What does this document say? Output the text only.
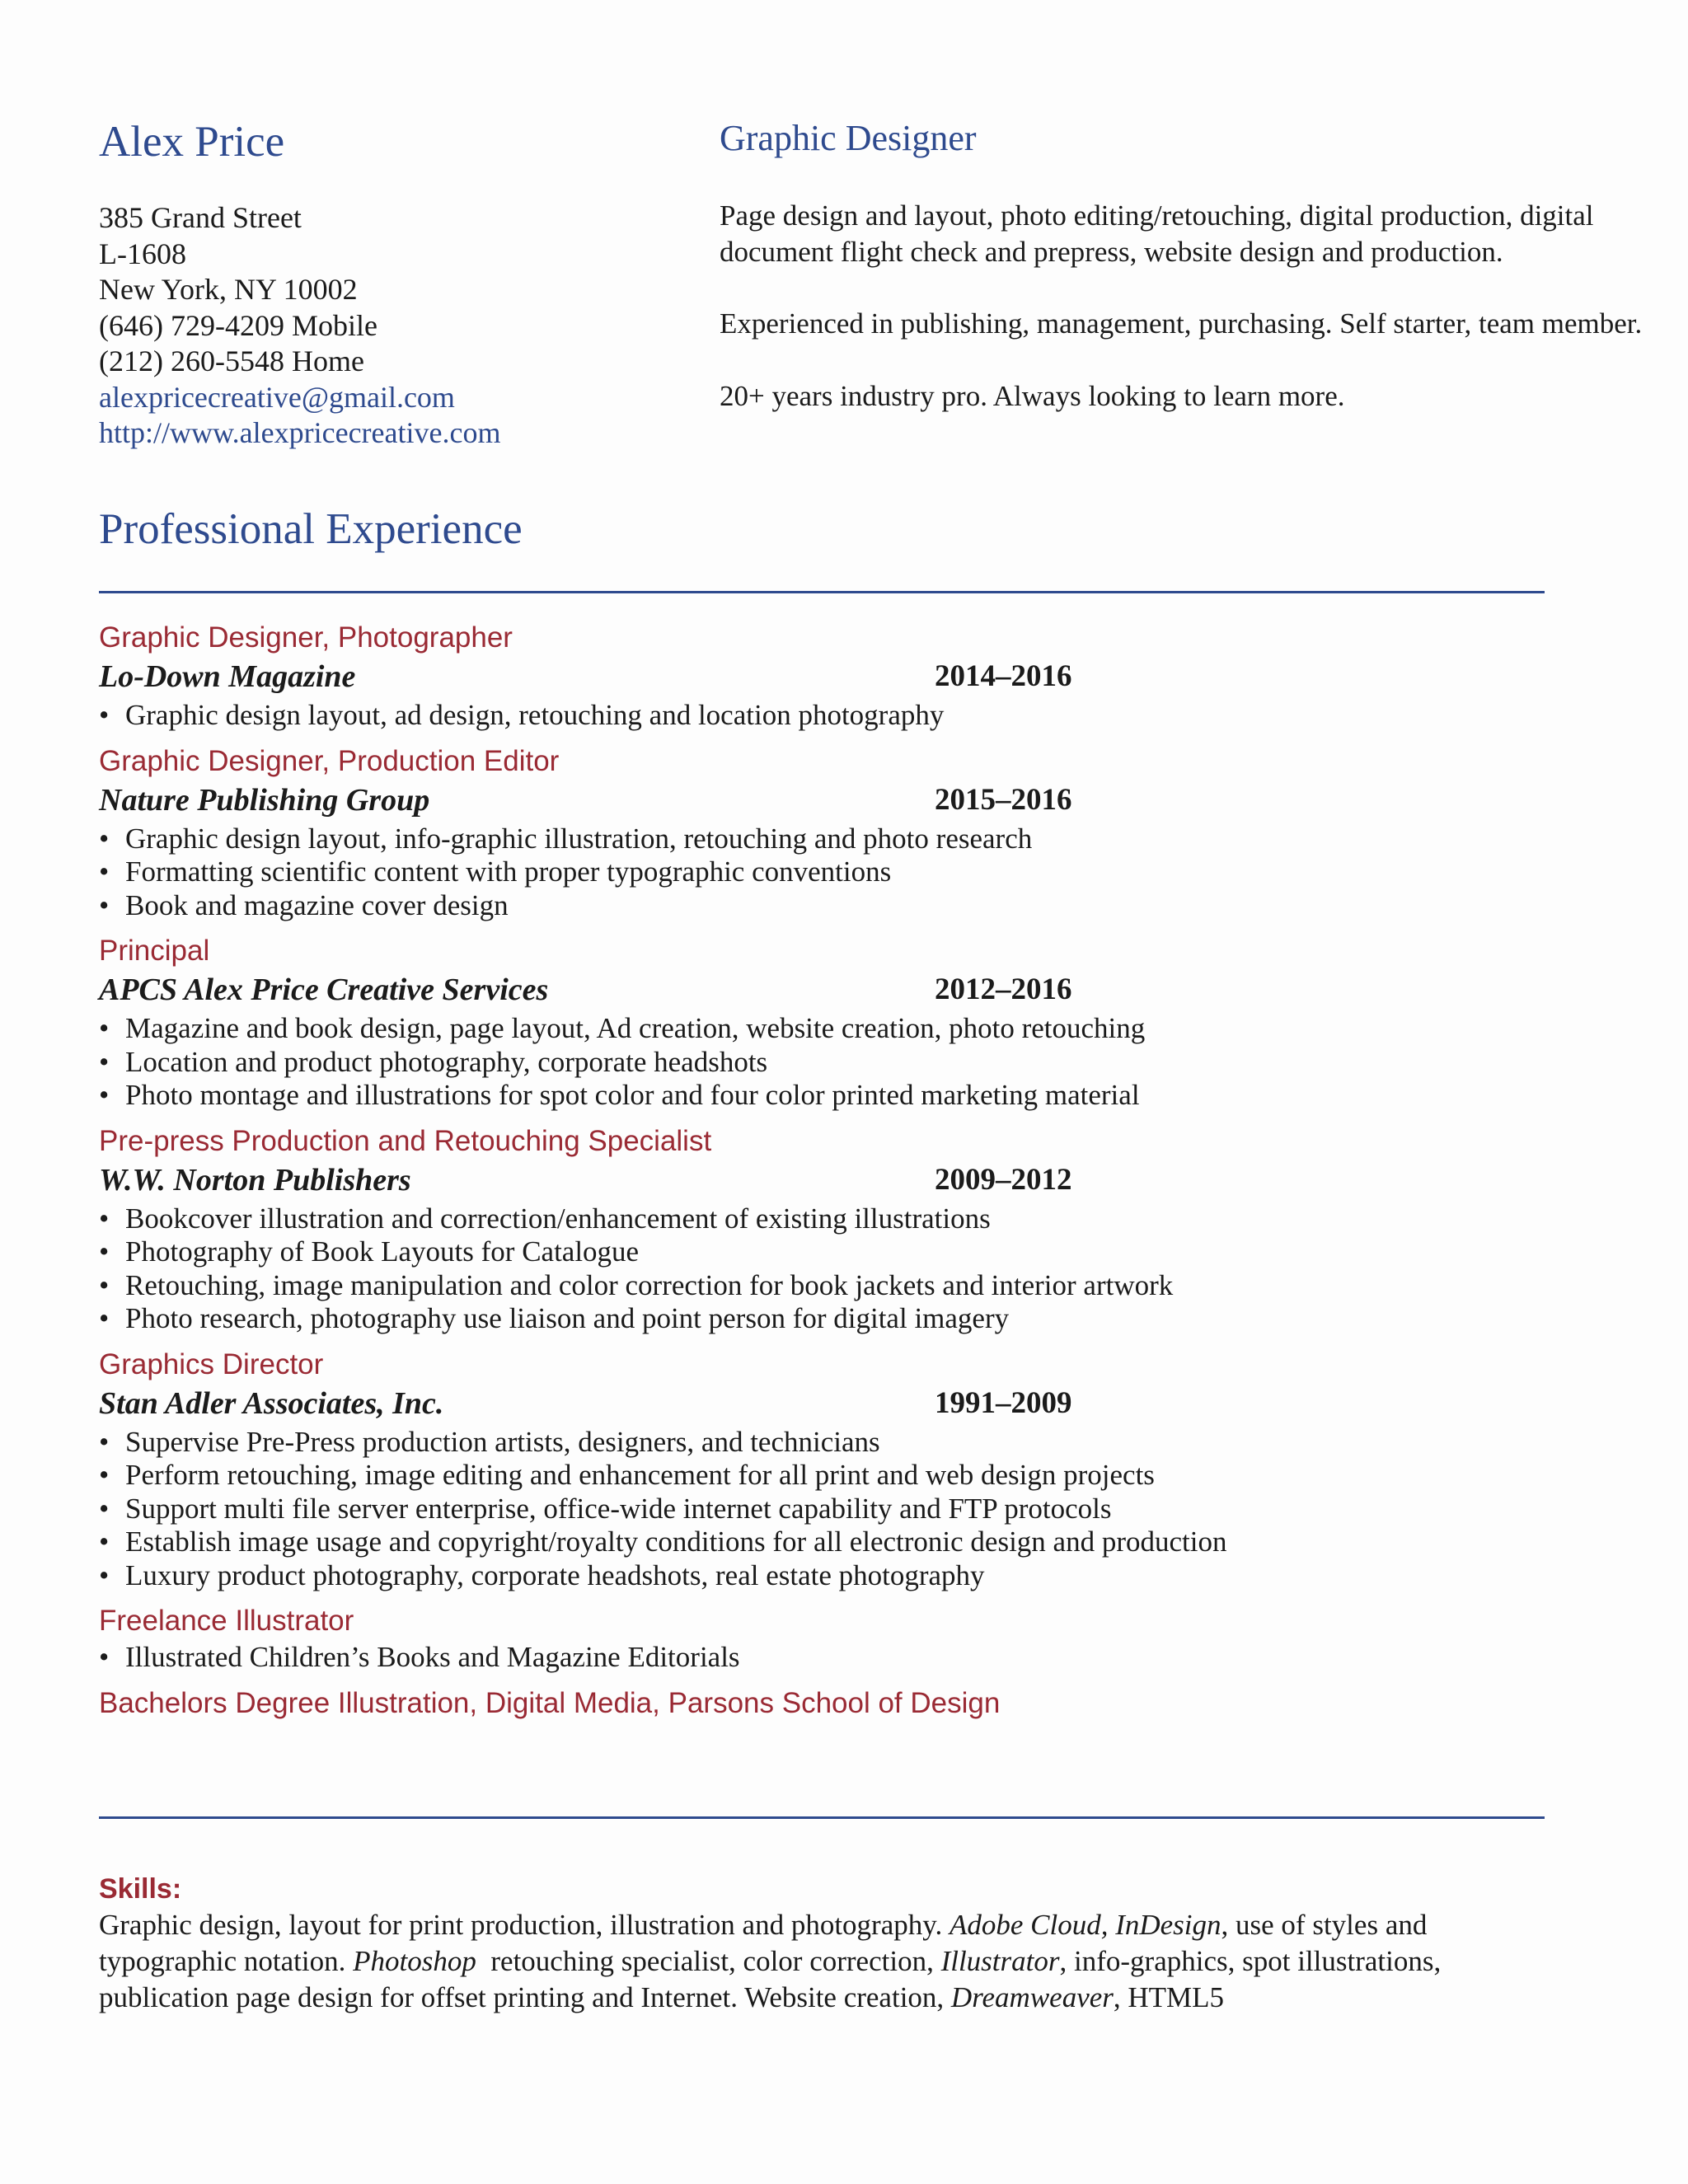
Alex Price
385 Grand Street
L-1608
New York, NY 10002
(646) 729-4209 Mobile
(212) 260-5548 Home
alexpricecreative@gmail.com
http://www.alexpricecreative.com
Professional Experience
Graphic Designer

Page design and layout, photo editing/retouching, digital production, digital document flight check and prepress, website design and production.

Experienced in publishing, management, purchasing. Self starter, team member.

20+ years industry pro. Always looking to learn more.

Graphic Designer, Photographer
Lo-Down Magazine	2014–2016
• Graphic design layout, ad design, retouching and location photography
Graphic Designer, Production Editor
Nature Publishing Group	2015–2016
• Graphic design layout, info-graphic illustration, retouching and photo research
• Formatting scientific content with proper typographic conventions
• Book and magazine cover design
Principal
APCS Alex Price Creative Services	2012–2016
• Magazine and book design, page layout, Ad creation, website creation, photo retouching
• Location and product photography, corporate headshots
• Photo montage and illustrations for spot color and four color printed marketing material
Pre-press Production and Retouching Specialist
W.W. Norton Publishers	2009–2012
• Bookcover illustration and correction/enhancement of existing illustrations
• Photography of Book Layouts for Catalogue
• Retouching, image manipulation and color correction for book jackets and interior artwork
• Photo research, photography use liaison and point person for digital imagery
Graphics Director
Stan Adler Associates, Inc.	1991–2009
• Supervise Pre-Press production artists, designers, and technicians
• Perform retouching, image editing and enhancement for all print and web design projects
• Support multi file server enterprise, office-wide internet capability and FTP protocols
• Establish image usage and copyright/royalty conditions for all electronic design and production
• Luxury product photography, corporate headshots, real estate photography
Freelance Illustrator
• Illustrated Children’s Books and Magazine Editorials
Bachelors Degree Illustration, Digital Media, Parsons School of Design
Skills:
Graphic design, layout for print production, illustration and photography. Adobe Cloud, InDesign, use of styles and typographic notation. Photoshop  retouching specialist, color correction, Illustrator, info-graphics, spot illustrations, publication page design for offset printing and Internet. Website creation, Dreamweaver, HTML5
